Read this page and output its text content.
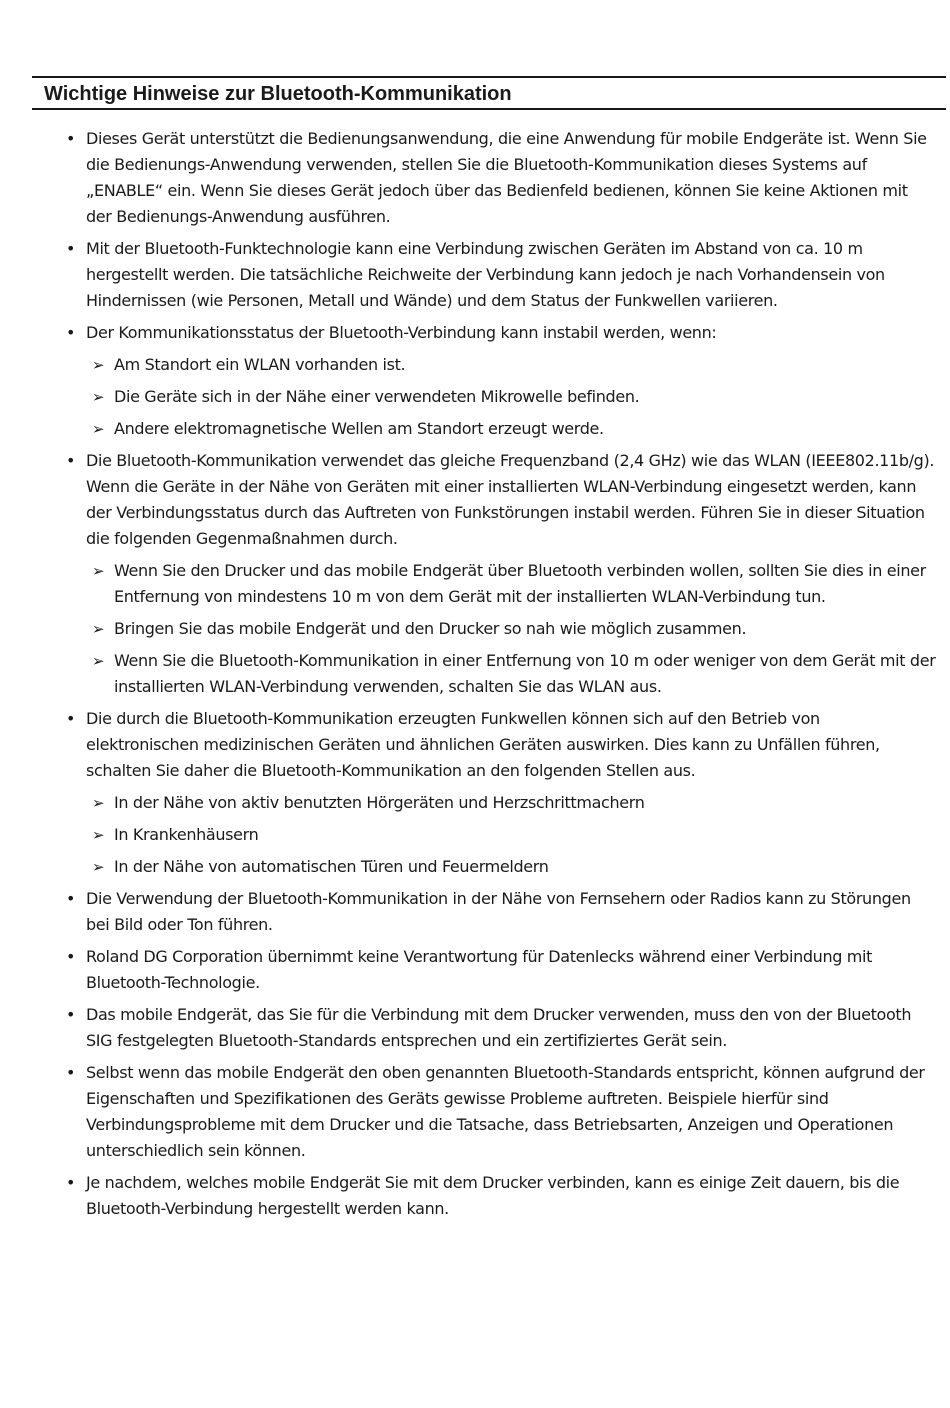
Wichtige Hinweise zur Bluetooth-Kommunikation
• Dieses Gerät unterstützt die Bedienungsanwendung, die eine Anwendung für mobile Endgeräte ist. Wenn Sie die Bedienungs-Anwendung verwenden, stellen Sie die Bluetooth-Kommunikation dieses Systems auf „ENABLE“ ein. Wenn Sie dieses Gerät jedoch über das Bedienfeld bedienen, können Sie keine Aktionen mit der Bedienungs-Anwendung ausführen.
• Mit der Bluetooth-Funktechnologie kann eine Verbindung zwischen Geräten im Abstand von ca. 10 m hergestellt werden. Die tatsächliche Reichweite der Verbindung kann jedoch je nach Vorhandensein von Hindernissen (wie Personen, Metall und Wände) und dem Status der Funkwellen variieren.
• Der Kommunikationsstatus der Bluetooth-Verbindung kann instabil werden, wenn:
➢ Am Standort ein WLAN vorhanden ist.
➢ Die Geräte sich in der Nähe einer verwendeten Mikrowelle befinden.
➢ Andere elektromagnetische Wellen am Standort erzeugt werde.
• Die Bluetooth-Kommunikation verwendet das gleiche Frequenzband (2,4 GHz) wie das WLAN (IEEE802.11b/g). Wenn die Geräte in der Nähe von Geräten mit einer installierten WLAN-Verbindung eingesetzt werden, kann der Verbindungsstatus durch das Auftreten von Funkstörungen instabil werden. Führen Sie in dieser Situation die folgenden Gegenmaßnahmen durch.
➢ Wenn Sie den Drucker und das mobile Endgerät über Bluetooth verbinden wollen, sollten Sie dies in einer Entfernung von mindestens 10 m von dem Gerät mit der installierten WLAN-Verbindung tun.
➢ Bringen Sie das mobile Endgerät und den Drucker so nah wie möglich zusammen.
➢ Wenn Sie die Bluetooth-Kommunikation in einer Entfernung von 10 m oder weniger von dem Gerät mit der installierten WLAN-Verbindung verwenden, schalten Sie das WLAN aus.
• Die durch die Bluetooth-Kommunikation erzeugten Funkwellen können sich auf den Betrieb von elektronischen medizinischen Geräten und ähnlichen Geräten auswirken. Dies kann zu Unfällen führen, schalten Sie daher die Bluetooth-Kommunikation an den folgenden Stellen aus.
➢ In der Nähe von aktiv benutzten Hörgeräten und Herzschrittmachern
➢ In Krankenhäusern
➢ In der Nähe von automatischen Türen und Feuermeldern
• Die Verwendung der Bluetooth-Kommunikation in der Nähe von Fernsehern oder Radios kann zu Störungen bei Bild oder Ton führen.
• Roland DG Corporation übernimmt keine Verantwortung für Datenlecks während einer Verbindung mit Bluetooth-Technologie.
• Das mobile Endgerät, das Sie für die Verbindung mit dem Drucker verwenden, muss den von der Bluetooth SIG festgelegten Bluetooth-Standards entsprechen und ein zertifiziertes Gerät sein.
• Selbst wenn das mobile Endgerät den oben genannten Bluetooth-Standards entspricht, können aufgrund der Eigenschaften und Spezifikationen des Geräts gewisse Probleme auftreten. Beispiele hierfür sind Verbindungsprobleme mit dem Drucker und die Tatsache, dass Betriebsarten, Anzeigen und Operationen unterschiedlich sein können.
• Je nachdem, welches mobile Endgerät Sie mit dem Drucker verbinden, kann es einige Zeit dauern, bis die Bluetooth-Verbindung hergestellt werden kann.
